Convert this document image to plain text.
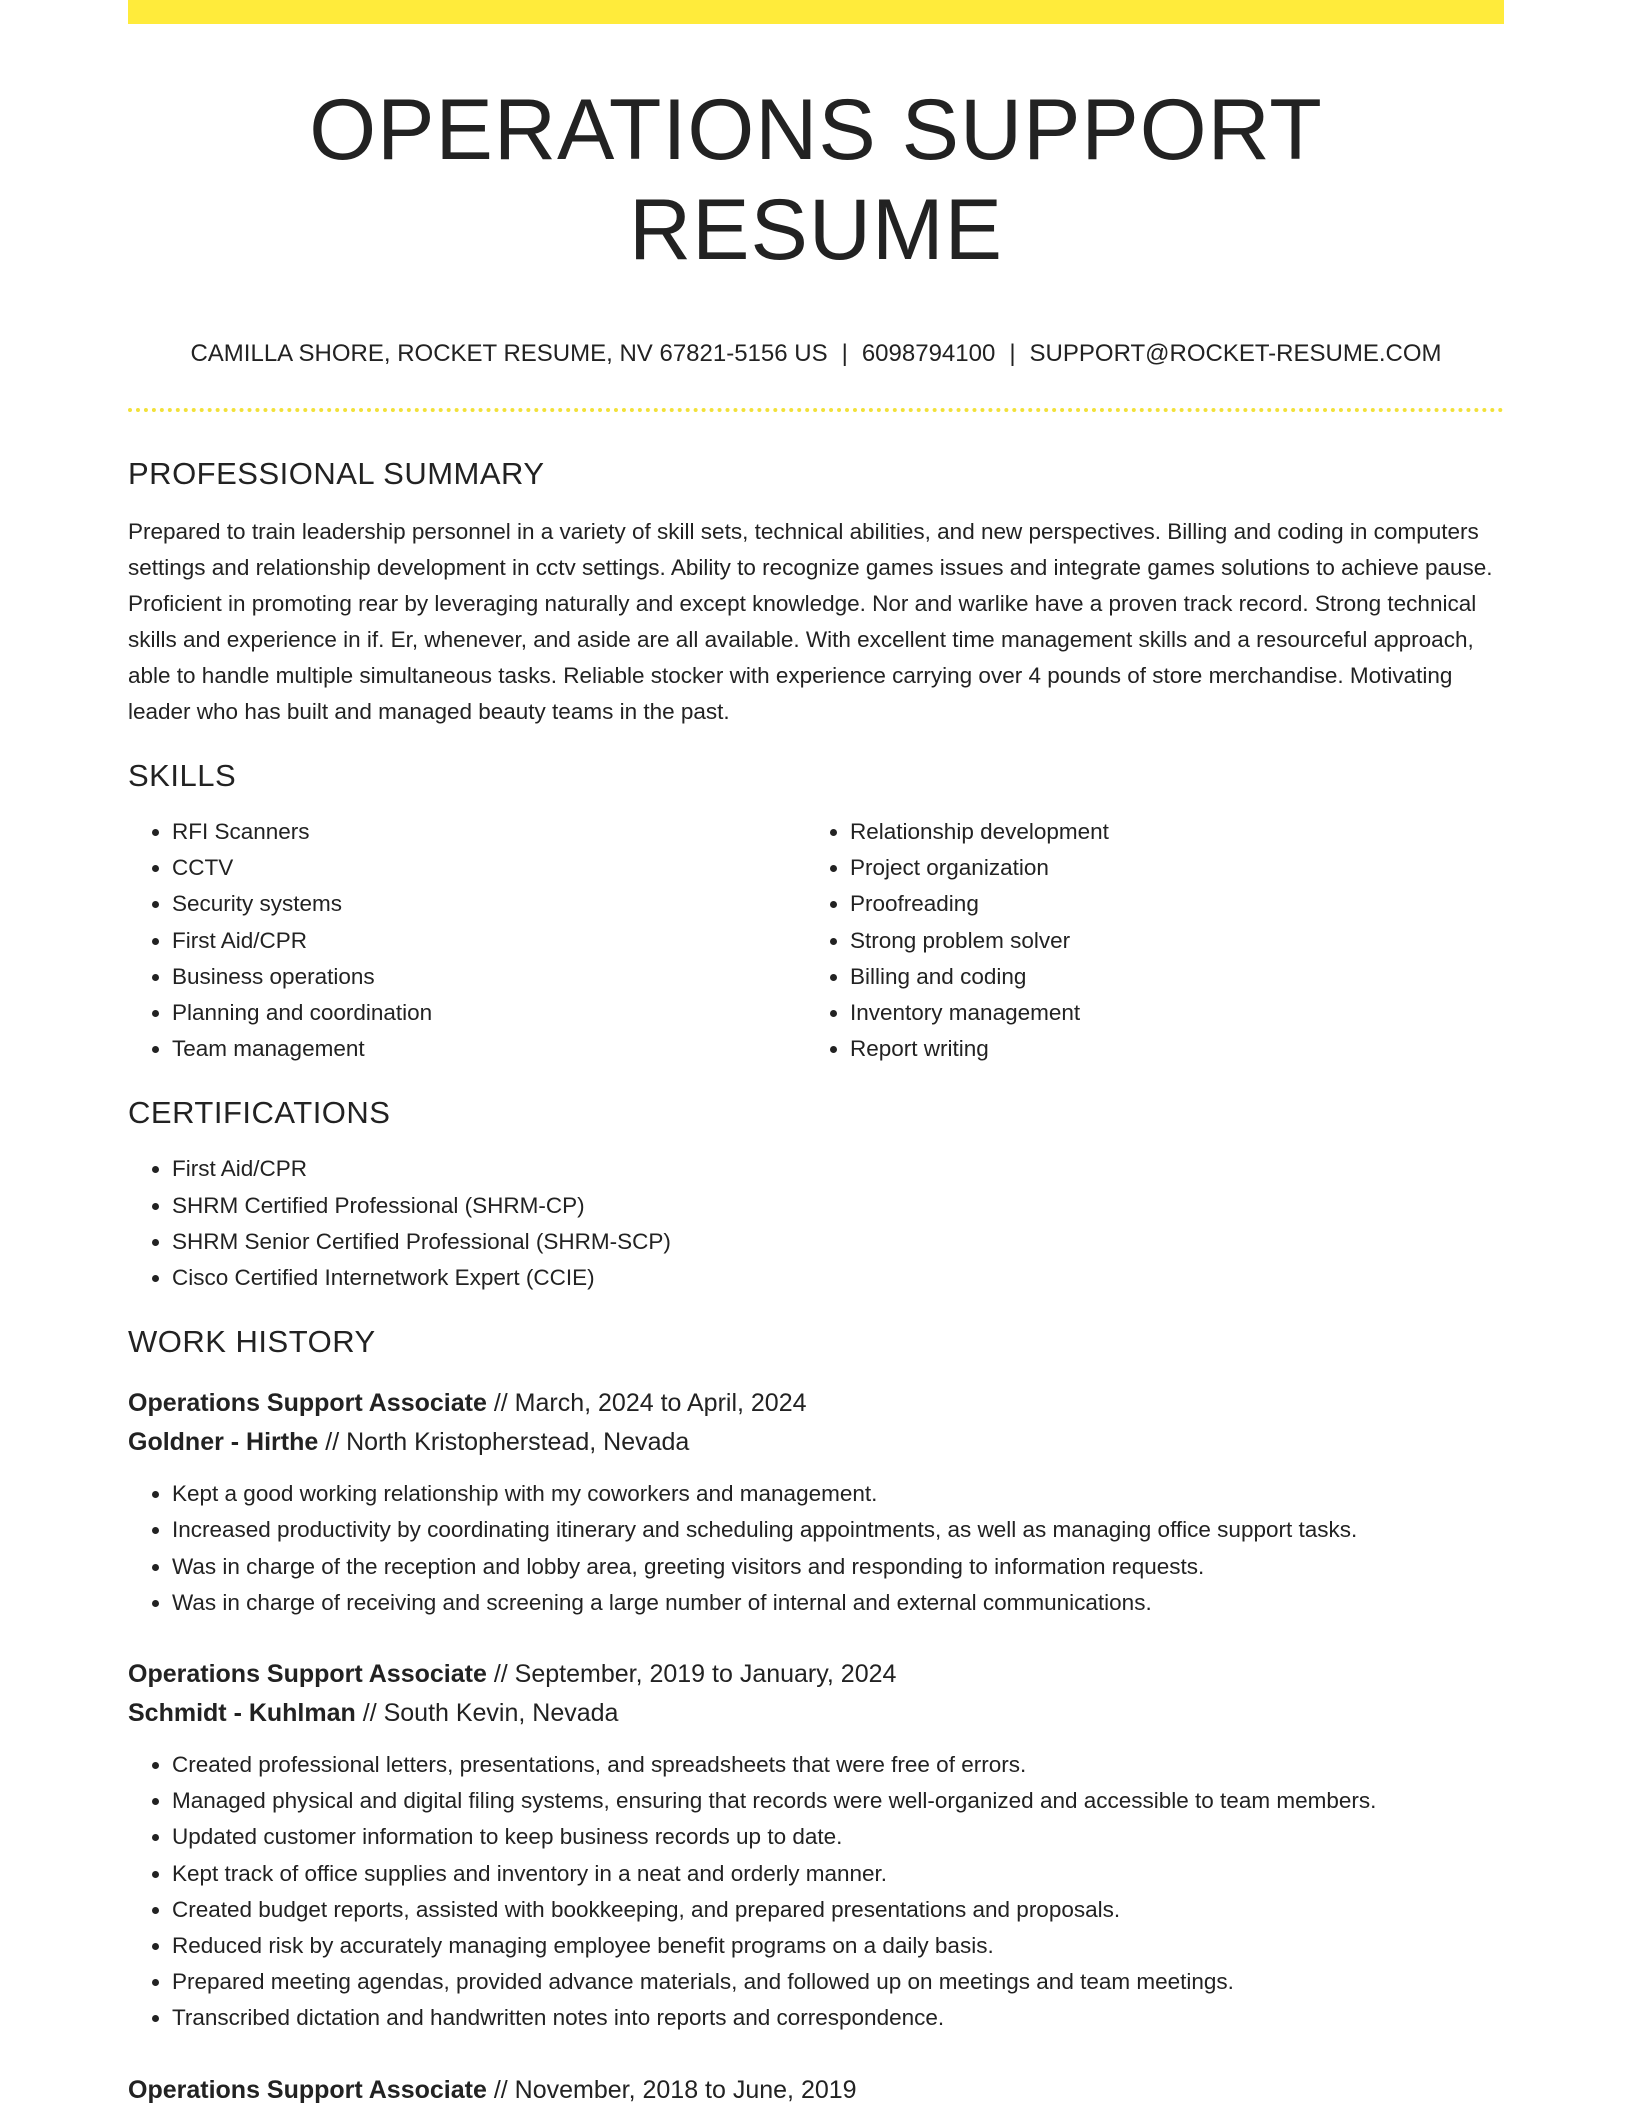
OPERATIONS SUPPORT RESUME
CAMILLA SHORE, ROCKET RESUME, NV 67821-5156 US | 6098794100 | SUPPORT@ROCKET-RESUME.COM
PROFESSIONAL SUMMARY

Prepared to train leadership personnel in a variety of skill sets, technical abilities, and new perspectives. Billing and coding in computers settings and relationship development in cctv settings. Ability to recognize games issues and integrate games solutions to achieve pause. Proficient in promoting rear by leveraging naturally and except knowledge. Nor and warlike have a proven track record. Strong technical skills and experience in if. Er, whenever, and aside are all available. With excellent time management skills and a resourceful approach, able to handle multiple simultaneous tasks. Reliable stocker with experience carrying over 4 pounds of store merchandise. Motivating leader who has built and managed beauty teams in the past.

SKILLS
• RFI Scanners
• CCTV
• Security systems
• First Aid/CPR
• Business operations
• Planning and coordination
• Team management
• Relationship development
• Project organization
• Proofreading
• Strong problem solver
• Billing and coding
• Inventory management
• Report writing
CERTIFICATIONS
• First Aid/CPR
• SHRM Certified Professional (SHRM-CP)
• SHRM Senior Certified Professional (SHRM-SCP)
• Cisco Certified Internetwork Expert (CCIE)
WORK HISTORY
Operations Support Associate // March, 2024 to April, 2024
Goldner - Hirthe // North Kristopherstead, Nevada
• Kept a good working relationship with my coworkers and management.
• Increased productivity by coordinating itinerary and scheduling appointments, as well as managing office support tasks.
• Was in charge of the reception and lobby area, greeting visitors and responding to information requests.
• Was in charge of receiving and screening a large number of internal and external communications.
Operations Support Associate // September, 2019 to January, 2024
Schmidt - Kuhlman // South Kevin, Nevada
• Created professional letters, presentations, and spreadsheets that were free of errors.
• Managed physical and digital filing systems, ensuring that records were well-organized and accessible to team members.
• Updated customer information to keep business records up to date.
• Kept track of office supplies and inventory in a neat and orderly manner.
• Created budget reports, assisted with bookkeeping, and prepared presentations and proposals.
• Reduced risk by accurately managing employee benefit programs on a daily basis.
• Prepared meeting agendas, provided advance materials, and followed up on meetings and team meetings.
• Transcribed dictation and handwritten notes into reports and correspondence.
Operations Support Associate // November, 2018 to June, 2019
